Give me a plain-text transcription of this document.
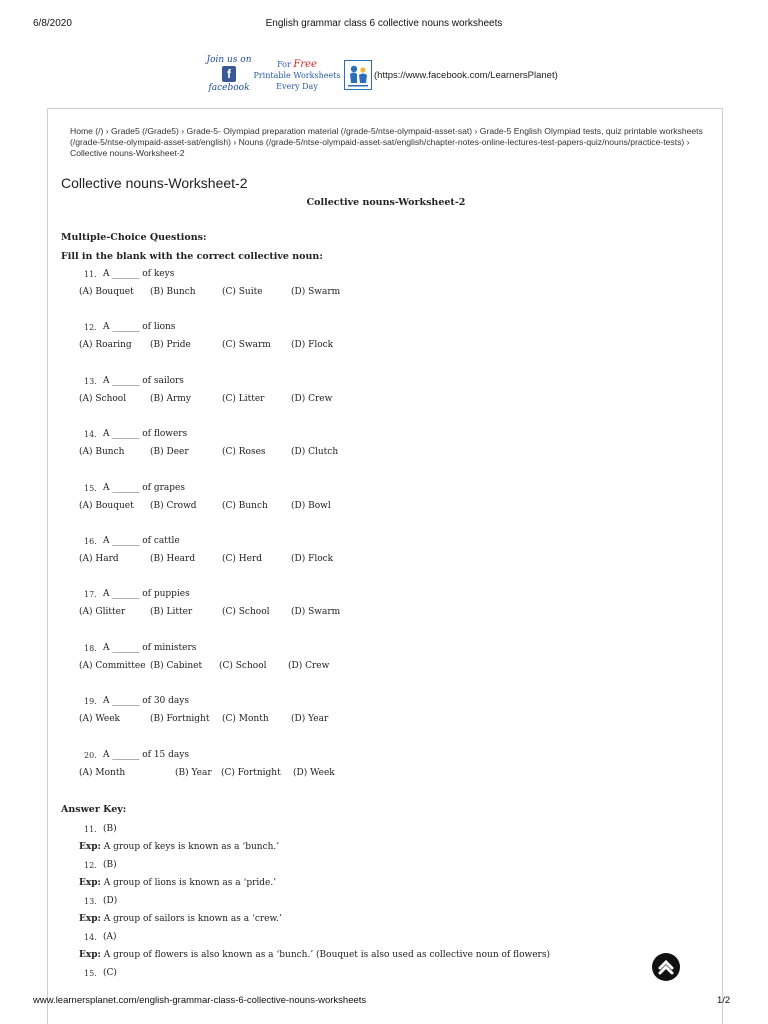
6/8/2020	English grammar class 6 collective nouns worksheets
Join us on
f
facebook
For Free
Printable Worksheets
Every Day
(https://www.facebook.com/LearnersPlanet)
Home (/) › Grade5 (/Grade5) › Grade-5- Olympiad preparation material (/grade-5/ntse-olympaid-asset-sat) › Grade-5 English Olympiad tests, quiz printable worksheets (/grade-5/ntse-olympaid-asset-sat/english) › Nouns (/grade-5/ntse-olympaid-asset-sat/english/chapter-notes-online-lectures-test-papers-quiz/nouns/practice-tests) › Collective nouns-Worksheet-2
Collective nouns-Worksheet-2
Collective nouns-Worksheet-2
Multiple-Choice Questions:
Fill in the blank with the correct collective noun:
11. A ______ of keys
(A) Bouquet (B) Bunch	(C) Suite	(D) Swarm
12. A ______ of lions
(A) Roaring (B) Pride	(C) Swarm (D) Flock
13. A ______ of sailors
(A) School	(B) Army	(C) Litter	(D) Crew
14. A ______ of flowers
(A) Bunch	(B) Deer	(C) Roses	(D) Clutch
15. A ______ of grapes
(A) Bouquet (B) Crowd	(C) Bunch	(D) Bowl
16. A ______ of cattle
(A) Hard	(B) Heard	(C) Herd	(D) Flock
17. A ______ of puppies
(A) Glitter	(B) Litter	(C) School (D) Swarm
18. A ______ of ministers
(A) Committee (B) Cabinet (C) School (D) Crew
19. A ______ of 30 days
(A) Week	(B) Fortnight (C) Month (D) Year
20. A ______ of 15 days
(A) Month	(B) Year (C) Fortnight (D) Week
Answer Key:
11. (B)
Exp: A group of keys is known as a ‘bunch.’
12. (B)
Exp: A group of lions is known as a ‘pride.’
13. (D)
Exp: A group of sailors is known as a ‘crew.’
14. (A)
Exp: A group of flowers is also known as a ‘bunch.’ (Bouquet is also used as collective noun of flowers)
15. (C)
www.learnersplanet.com/english-grammar-class-6-collective-nouns-worksheets	1/2
